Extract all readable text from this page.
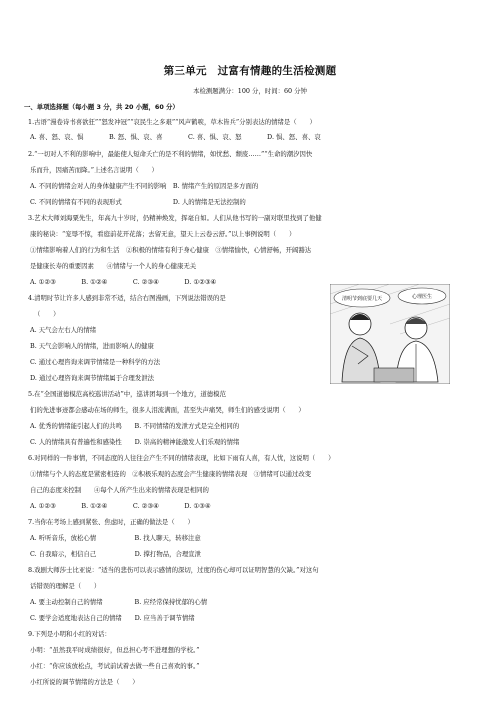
第三单元　过富有情趣的生活检测题
本检测题满分：100 分，时间：60 分钟
一、单项选择题（每小题 3 分，共 20 小题，60 分）
1.古语“漫卷诗书喜欲狂”“怒发冲冠”“哀民生之多艰”“风声鹤唳，草木皆兵”分别表达的情绪是（　　）
A. 喜、怒、哀、惧　　　　B. 怒、惧、哀、喜　　　　C. 喜、惧、哀、怒　　　　D. 惧、怒、喜、哀
2.“一切对人不利的影响中，最能使人短命夭亡的是不利的情绪，如忧愁、颓废……”“生命的潮汐因快
乐而升，因痛苦而降。”上述名言说明（　　）
A. 不同的情绪会对人的身体健康产生不同的影响　B. 情绪产生的原因是多方面的
C. 不同的情绪有不同的表现形式　　　　　　　　D. 人的情绪是无法控制的
3.艺术大师刘海粟先生，年高九十岁时，仍精神焕发，挥毫自如。人们从他书写的一副对联里找到了他健
康的秘诀：“宠辱不惊，看庭前花开花落；去留无意，望天上云卷云舒。”以上事例说明（　　）
①情绪影响着人们的行为和生活　②积极的情绪有利于身心健康　③情绪愉快，心情舒畅，开阔豁达
是健康长寿的重要因素　　④情绪与一个人的身心健康无关
A. ①②③　　　　B. ①②④　　　　C. ②③④　　　　D. ①②③④
4.清明时节让许多人感到非常不适，结合右图漫画，下列说法错误的是
（　　）
A. 天气会左右人的情绪
B. 天气会影响人的情绪，进而影响人的健康
C. 通过心理咨询来调节情绪是一种科学的方法
D. 通过心理咨询来调节情绪属于合理发泄法
5.在“全国道德模范高校巡讲活动”中，巡讲团每到一个地方，道德模范
们的先进事迹都会感动在场的师生，很多人泪流满面，甚至失声痛哭，师生们的感受说明（　　）
A. 优秀的情绪能引起人们的共鸣　　B. 不同情绪的发泄方式是完全相同的
C. 人的情绪具有普遍性和感染性　　D. 崇高的精神能激发人们乐观的情绪
6.对同样的一件事情，不同态度的人往往会产生不同的情绪表现，比如下雨有人喜，有人忧，这说明（　　）
①情绪与个人的态度是紧密相连的　②积极乐观的态度会产生健康的情绪表现　③情绪可以通过改变
自己的态度来控制　　④每个人所产生出来的情绪表现是相同的
A. ①②③　　　　B. ①②④　　　　C. ②③④　　　　D. ①③④
7.当你在考场上感到紧张、焦虑时，正确的做法是（　　）
A. 听听音乐，放松心情　　　　　　B. 找人聊天，转移注意
C. 自我暗示，相信自己　　　　　　D. 撑打物品，合理宣泄
8.戏剧大师莎士比亚说：“适当的悲伤可以表示感情的深切，过度的伤心却可以证明智慧的欠缺。”对这句
话错误的理解是（　　）
A. 要主动控制自己的情绪　　　　　B. 应经常保持忧郁的心情
C. 要学会适度地表达自己的情绪　　D. 应当善于调节情绪
9.下列是小明和小红的对话：
小明：“虽然我平时成绩很好，但总担心考不进理想的学校。”
小红：“你应该放松点，考试前试着去做一些自己喜欢的事。”
小红所说的调节情绪的方法是（　　）
清明节到底要几天	心理医生
